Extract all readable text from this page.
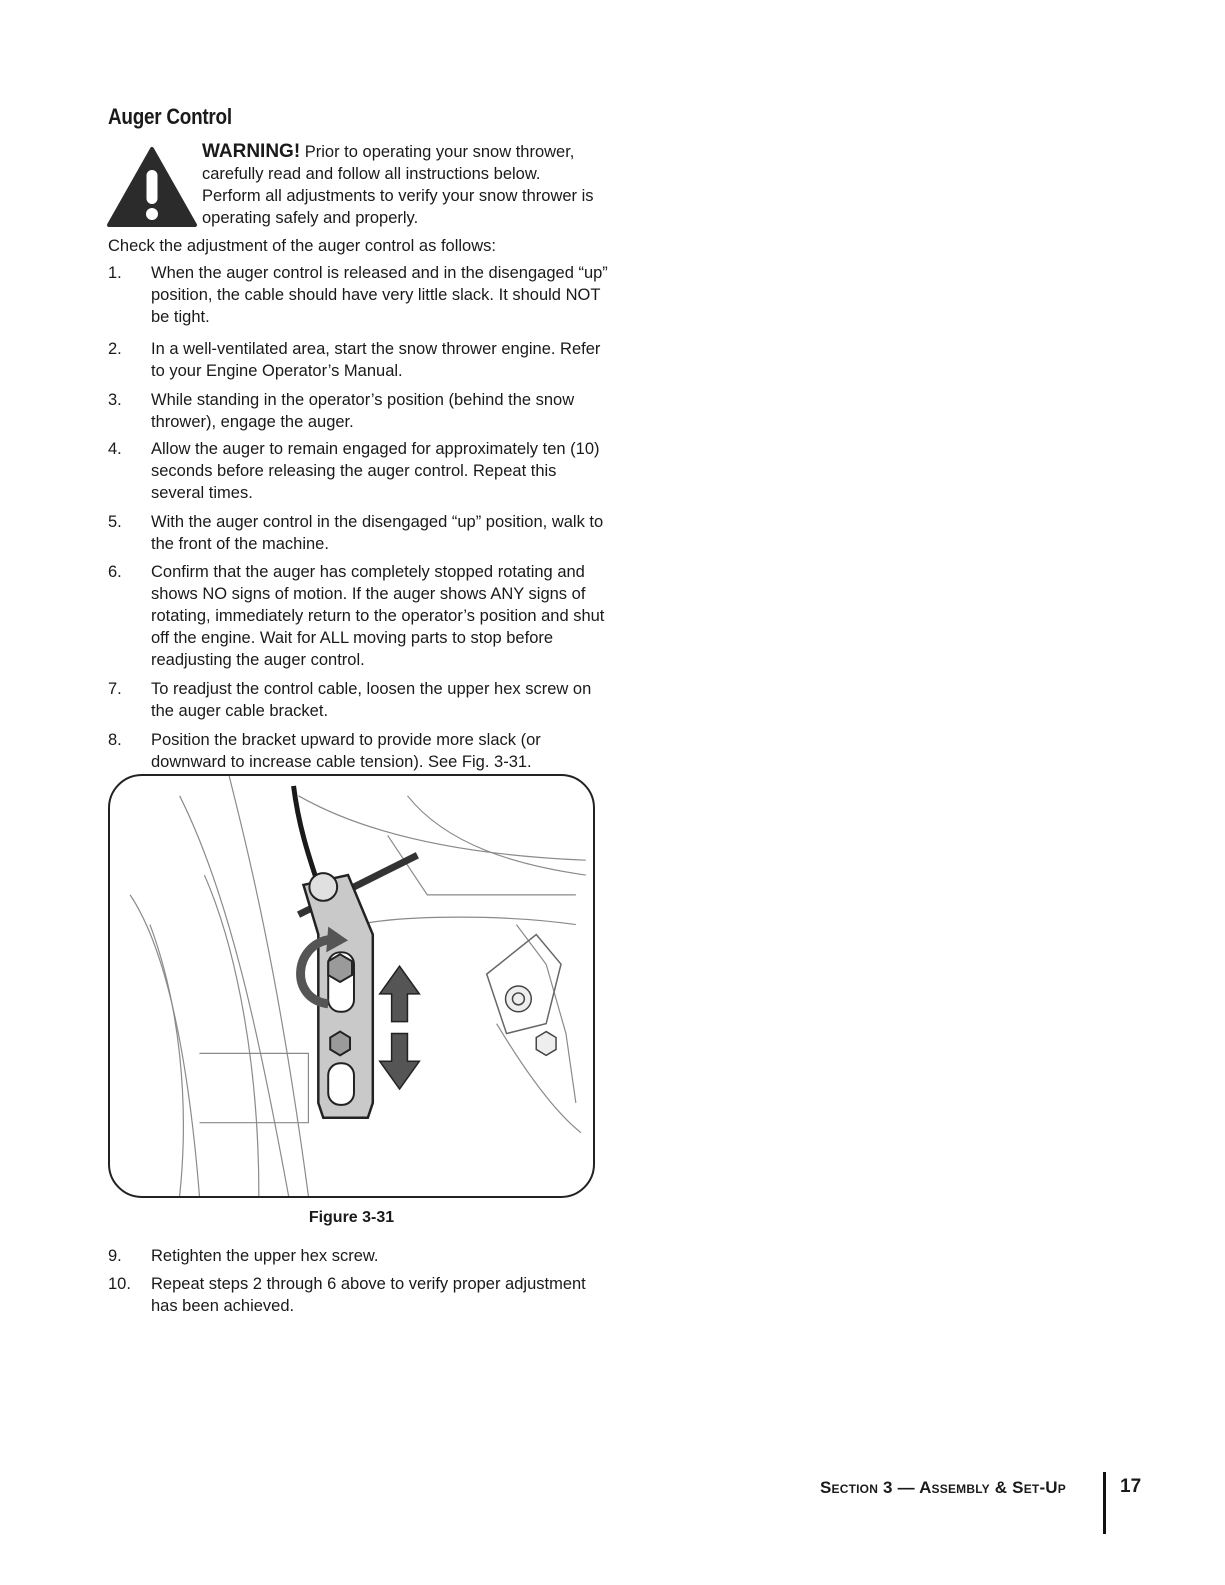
Auger Control
WARNING! Prior to operating your snow thrower, carefully read and follow all instructions below. Perform all adjustments to verify your snow thrower is operating safely and properly.
Check the adjustment of the auger control as follows:
1.	When the auger control is released and in the disengaged “up” position, the cable should have very little slack. It should NOT be tight.
2.	In a well-ventilated area, start the snow thrower engine. Refer to your Engine Operator’s Manual.
3.	While standing in the operator’s position (behind the snow thrower), engage the auger.
4.	Allow the auger to remain engaged for approximately ten (10) seconds before releasing the auger control. Repeat this several times.
5.	With the auger control in the disengaged “up” position, walk to the front of the machine.
6.	Confirm that the auger has completely stopped rotating and shows NO signs of motion. If the auger shows ANY signs of rotating, immediately return to the operator’s position and shut off the engine. Wait for ALL moving parts to stop before readjusting the auger control.
7.	To readjust the control cable, loosen the upper hex screw on the auger cable bracket.
8.	Position the bracket upward to provide more slack (or downward to increase cable tension). See Fig. 3-31.
Figure 3-31
9.	Retighten the upper hex screw.
10.	Repeat steps 2 through 6 above to verify proper adjustment has been achieved.
Section 3 — Assembly & Set-Up	17
